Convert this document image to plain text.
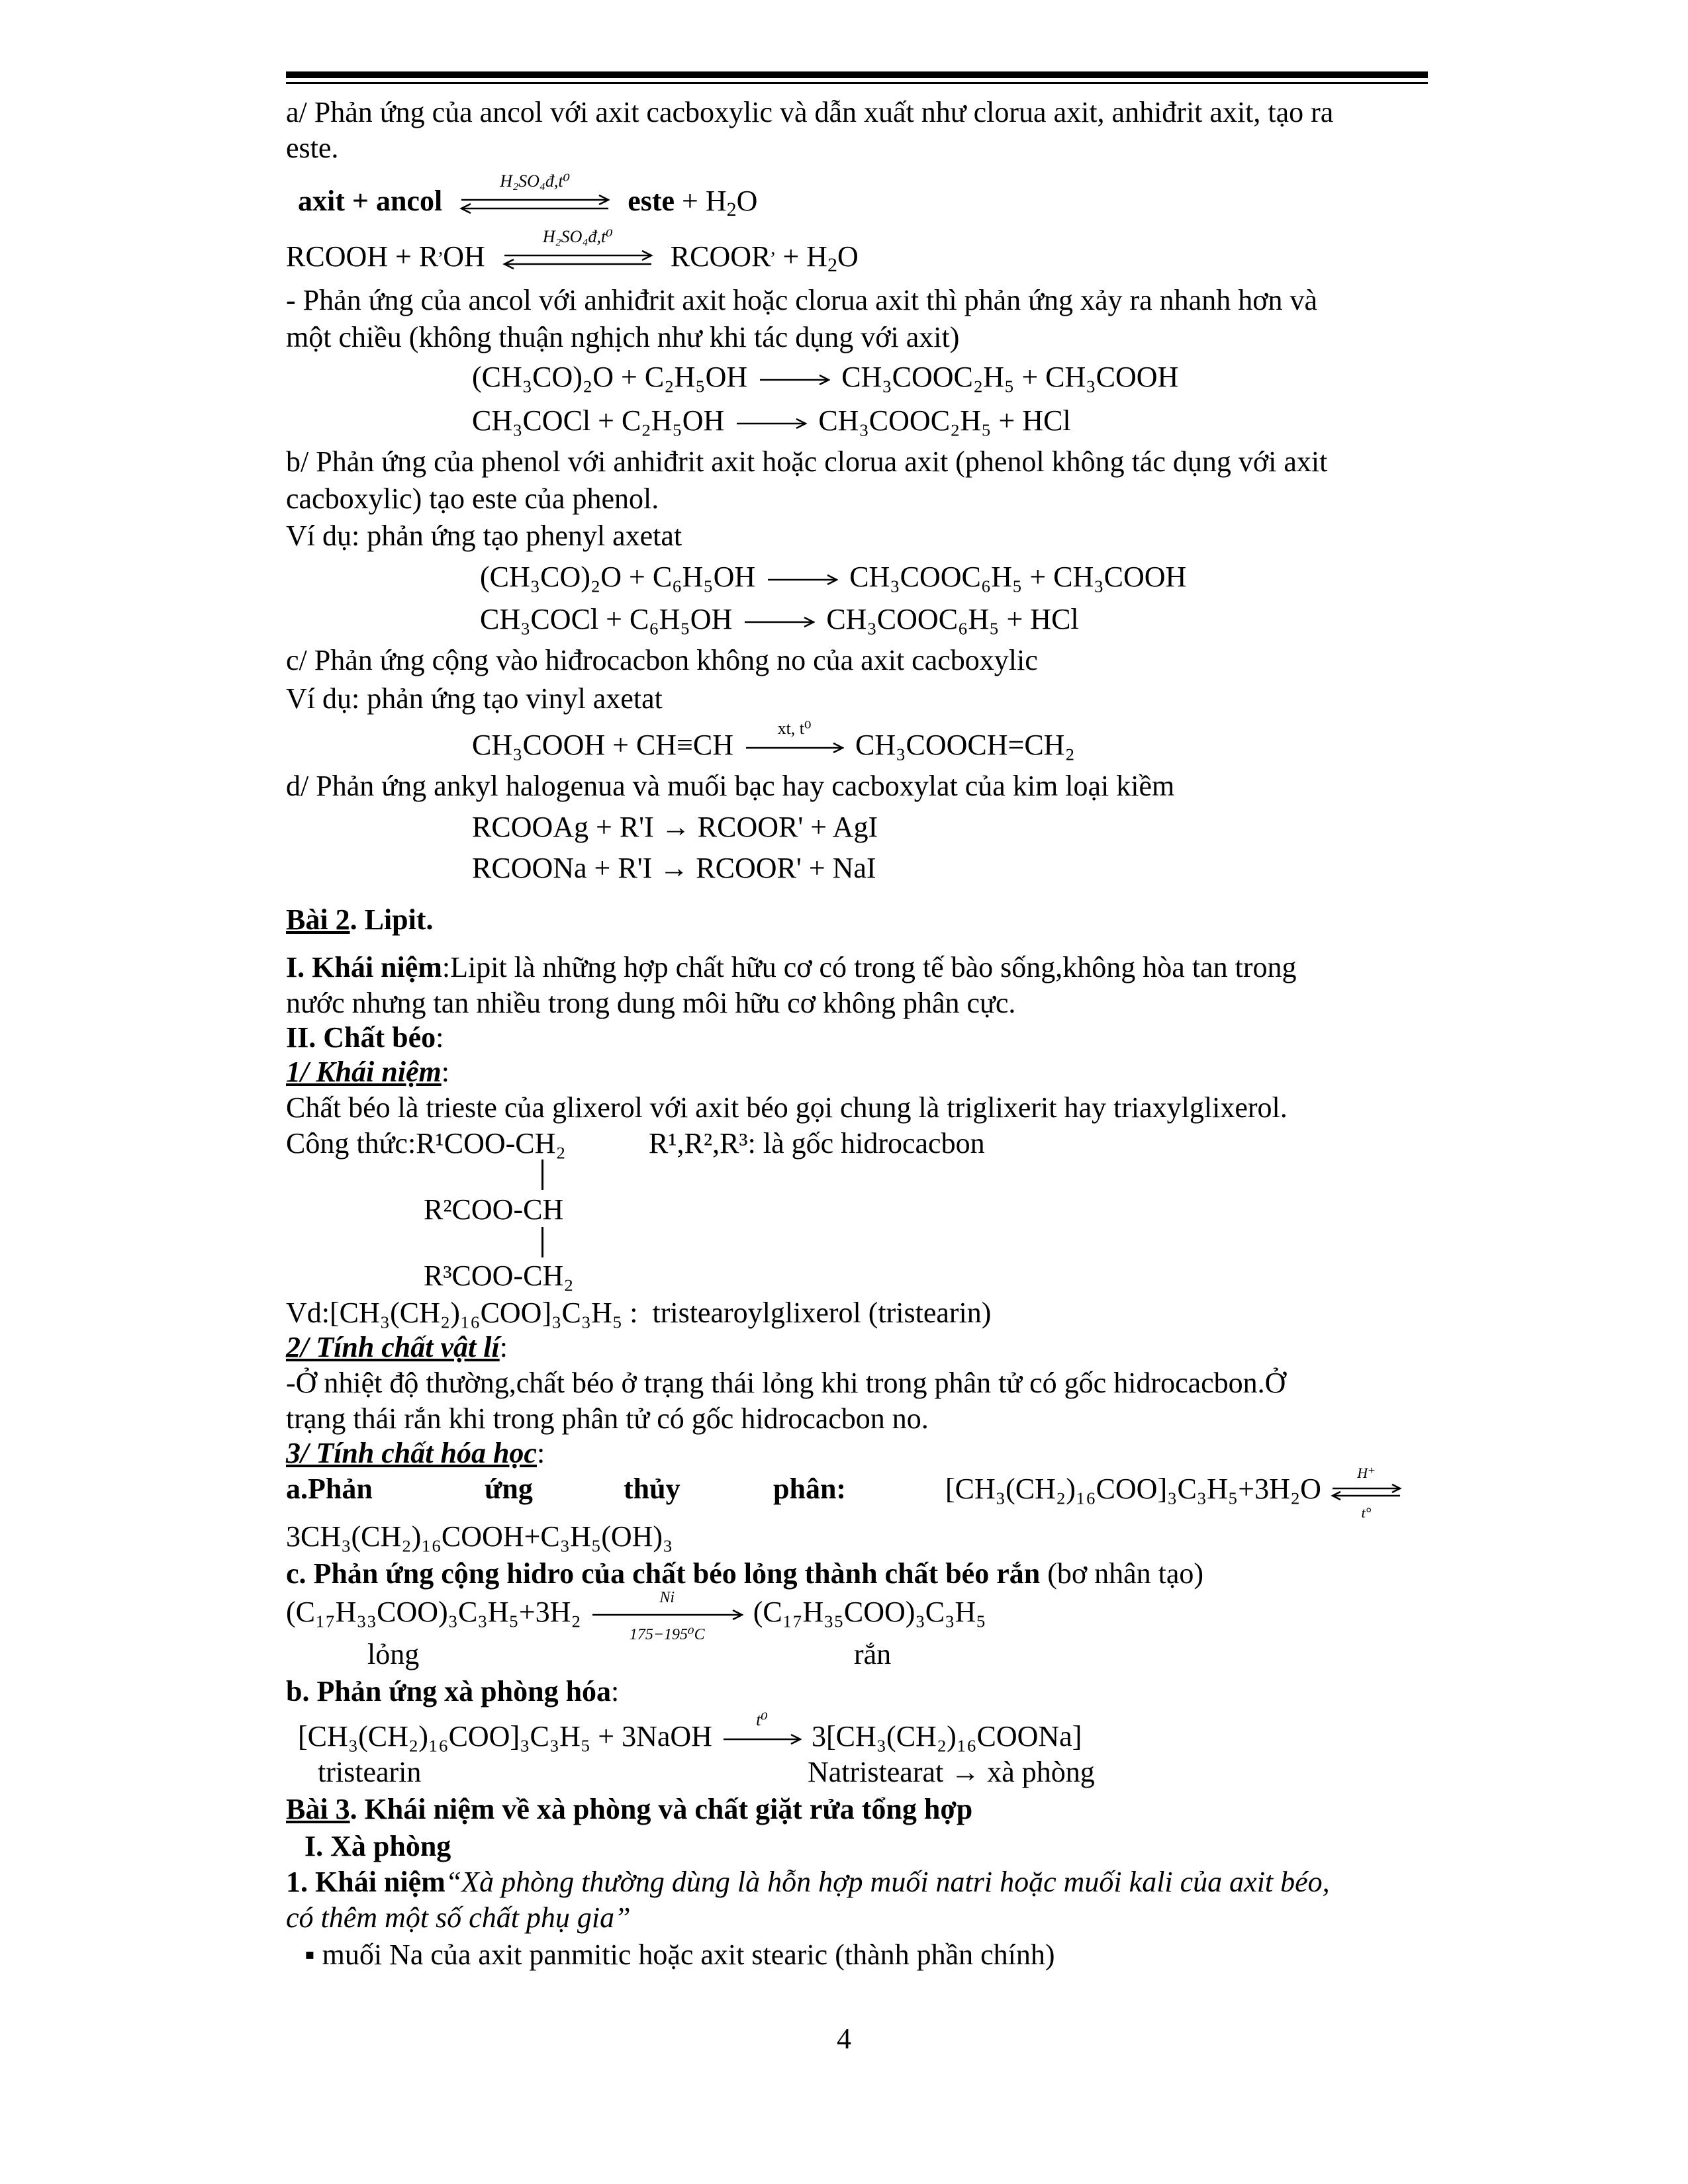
a/ Phản ứng của ancol với axit cacboxylic và dẫn xuất như clorua axit, anhiđrit axit, tạo ra
este.
axit + ancol
H₂SO₄đ,t⁰
este + $H_2O$
RCOOH + R,OH
H₂SO₄đ,t⁰
RCOOR, + $H_2O$
- Phản ứng của ancol với anhiđrit axit hoặc clorua axit thì phản ứng xảy ra nhanh hơn và
một chiều (không thuận nghịch như khi tác dụng với axit)
(CH₃CO)₂O + C₂H₅OH	CH₃COOC₂H₅ + CH₃COOH
CH₃COCl + C₂H₅OH	CH₃COOC₂H₅ + HCl
b/ Phản ứng của phenol với anhiđrit axit hoặc clorua axit (phenol không tác dụng với axit
cacboxylic) tạo este của phenol.
Ví dụ: phản ứng tạo phenyl axetat
(CH₃CO)₂O + C₆H₅OH	CH₃COOC₆H₅ + CH₃COOH
CH₃COCl + C₆H₅OH	CH₃COOC₆H₅ + HCl
c/ Phản ứng cộng vào hiđrocacbon không no của axit cacboxylic
Ví dụ: phản ứng tạo vinyl axetat
CH₃COOH + CH≡CH
xt, t⁰
CH₃COOCH=CH₂
d/ Phản ứng ankyl halogenua và muối bạc hay cacboxylat của kim loại kiềm
RCOOAg + R'I → RCOOR' + AgI
RCOONa + R'I → RCOOR' + NaI
Bài 2. Lipit.
I. Khái niệm:Lipit là những hợp chất hữu cơ có trong tế bào sống,không hòa tan trong
nước nhưng tan nhiều trong dung môi hữu cơ không phân cực.
II. Chất béo:
1/ Khái niệm:
Chất béo là trieste của glixerol với axit béo gọi chung là triglixerit hay triaxylglixerol.
Công thức:R¹COO-CH₂	R¹,R²,R³: là gốc hidrocacbon
R²COO-CH
R³COO-CH₂
Vd:[CH₃(CH₂)₁₆COO]₃C₃H₅ : tristearoylglixerol (tristearin)
2/ Tính chất vật lí:
-Ở nhiệt độ thường,chất béo ở trạng thái lỏng khi trong phân tử có gốc hidrocacbon.Ở
trạng thái rắn khi trong phân tử có gốc hidrocacbon no.
3/ Tính chất hóa học:
a.Phản	ứng	thủy	phân:	[CH₃(CH₂)₁₆COO]₃C₃H₅+3H₂O	H⁺
t°
3CH₃(CH₂)₁₆COOH+C₃H₅(OH)₃
c. Phản ứng cộng hidro của chất béo lỏng thành chất béo rắn (bơ nhân tạo)
(C₁₇H₃₃COO)₃C₃H₅+3H₂	Ni
175−195⁰C
(C₁₇H₃₅COO)₃C₃H₅
lỏng	rắn
b. Phản ứng xà phòng hóa:
[CH₃(CH₂)₁₆COO]₃C₃H₅ + 3NaOH
t⁰
3[CH₃(CH₂)₁₆COONa]
tristearin	Natristearat → xà phòng
Bài 3. Khái niệm về xà phòng và chất giặt rửa tổng hợp
I. Xà phòng
1. Khái niệm“Xà phòng thường dùng là hỗn hợp muối natri hoặc muối kali của axit béo,
có thêm một số chất phụ gia”
▪ muối Na của axit panmitic hoặc axit stearic (thành phần chính)
4
